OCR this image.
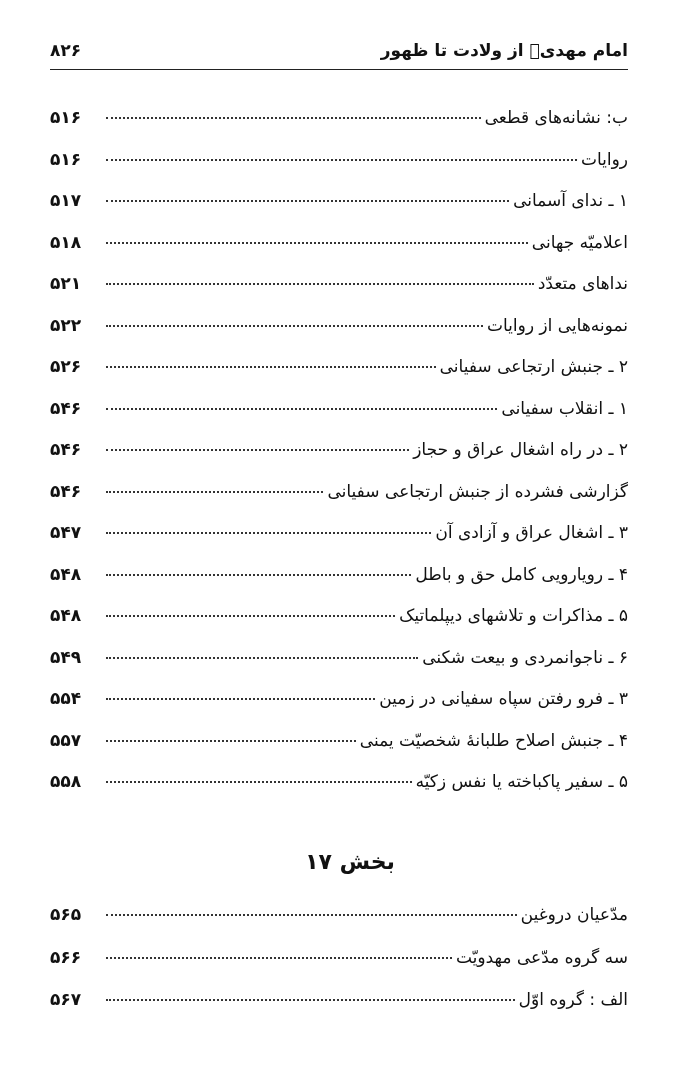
امام مهدیؑ از ولادت تا ظهور
۸۲۶
ب: نشانه‌های قطعی
۵۱۶
روایات
۵۱۶
۱ ـ ندای آسمانی
۵۱۷
اعلامیّه جهانی
۵۱۸
نداهای متعدّد
۵۲۱
نمونه‌هایی از روایات
۵۲۲
۲ ـ جنبش ارتجاعی سفیانی
۵۲۶
۱ ـ انقلاب سفیانی
۵۴۶
۲ ـ در راه اشغال عراق و حجاز
۵۴۶
گزارشی فشرده از جنبش ارتجاعی سفیانی
۵۴۶
۳ ـ اشغال عراق و آزادی آن
۵۴۷
۴ ـ رویارویی کامل حق و باطل
۵۴۸
۵ ـ مذاکرات و تلاشهای دیپلماتیک
۵۴۸
۶ ـ ناجوانمردی و بیعت شکنی
۵۴۹
۳ ـ فرو رفتن سپاه سفیانی در زمین
۵۵۴
۴ ـ جنبش اصلاح طلبانهٔ شخصیّت یمنی
۵۵۷
۵ ـ سفیر پاکباخته یا نفس زکیّه
۵۵۸
بخش ۱۷
مدّعیان دروغین
۵۶۵
سه گروه مدّعی مهدویّت
۵۶۶
الف : گروه اوّل
۵۶۷
